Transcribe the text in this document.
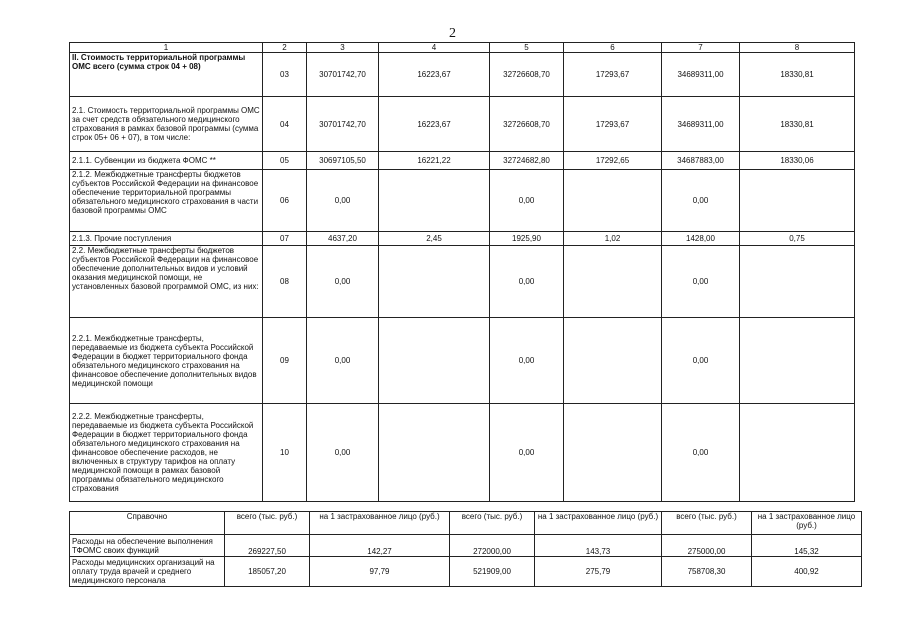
2
1	2	3	4	5	6	7	8
II. Стоимость территориальной программы ОМС всего (сумма строк 04 + 08)	03	30701742,70	16223,67	32726608,70	17293,67	34689311,00	18330,81
2.1. Стоимость территориальной программы ОМС за счет средств обязательного медицинского страхования в рамках базовой программы (сумма строк 05+ 06 + 07), в том числе:	04	30701742,70	16223,67	32726608,70	17293,67	34689311,00	18330,81
2.1.1. Субвенции из бюджета ФОМС **	05	30697105,50	16221,22	32724682,80	17292,65	34687883,00	18330,06
2.1.2. Межбюджетные трансферты бюджетов субъектов Российской Федерации на финансовое обеспечение территориальной программы обязательного медицинского страхования в части базовой программы ОМС	06	0,00		0,00		0,00	
2.1.3. Прочие поступления	07	4637,20	2,45	1925,90	1,02	1428,00	0,75
2.2. Межбюджетные трансферты бюджетов субъектов Российской Федерации на финансовое обеспечение дополнительных видов и условий оказания медицинской помощи, не установленных базовой программой ОМС, из них:	08	0,00		0,00		0,00	
2.2.1. Межбюджетные трансферты, передаваемые из бюджета субъекта Российской Федерации в бюджет территориального фонда обязательного медицинского страхования на финансовое обеспечение дополнительных видов медицинской помощи	09	0,00		0,00		0,00	
2.2.2. Межбюджетные трансферты, передаваемые из бюджета субъекта Российской Федерации в бюджет территориального фонда обязательного медицинского страхования на финансовое обеспечение расходов, не включенных в структуру тарифов на оплату медицинской помощи в рамках базовой программы обязательного медицинского страхования	10	0,00		0,00		0,00	
Справочно	всего (тыс. руб.)	на 1 застрахованное лицо (руб.)	всего (тыс. руб.)	на 1 застрахованное лицо (руб.)	всего (тыс. руб.)	на 1 застрахованное лицо (руб.)
Расходы на обеспечение выполнения ТФОМС своих функций	269227,50	142,27	272000,00	143,73	275000,00	145,32
Расходы медицинских организаций на оплату труда врачей и среднего медицинского персонала	185057,20	97,79	521909,00	275,79	758708,30	400,92
